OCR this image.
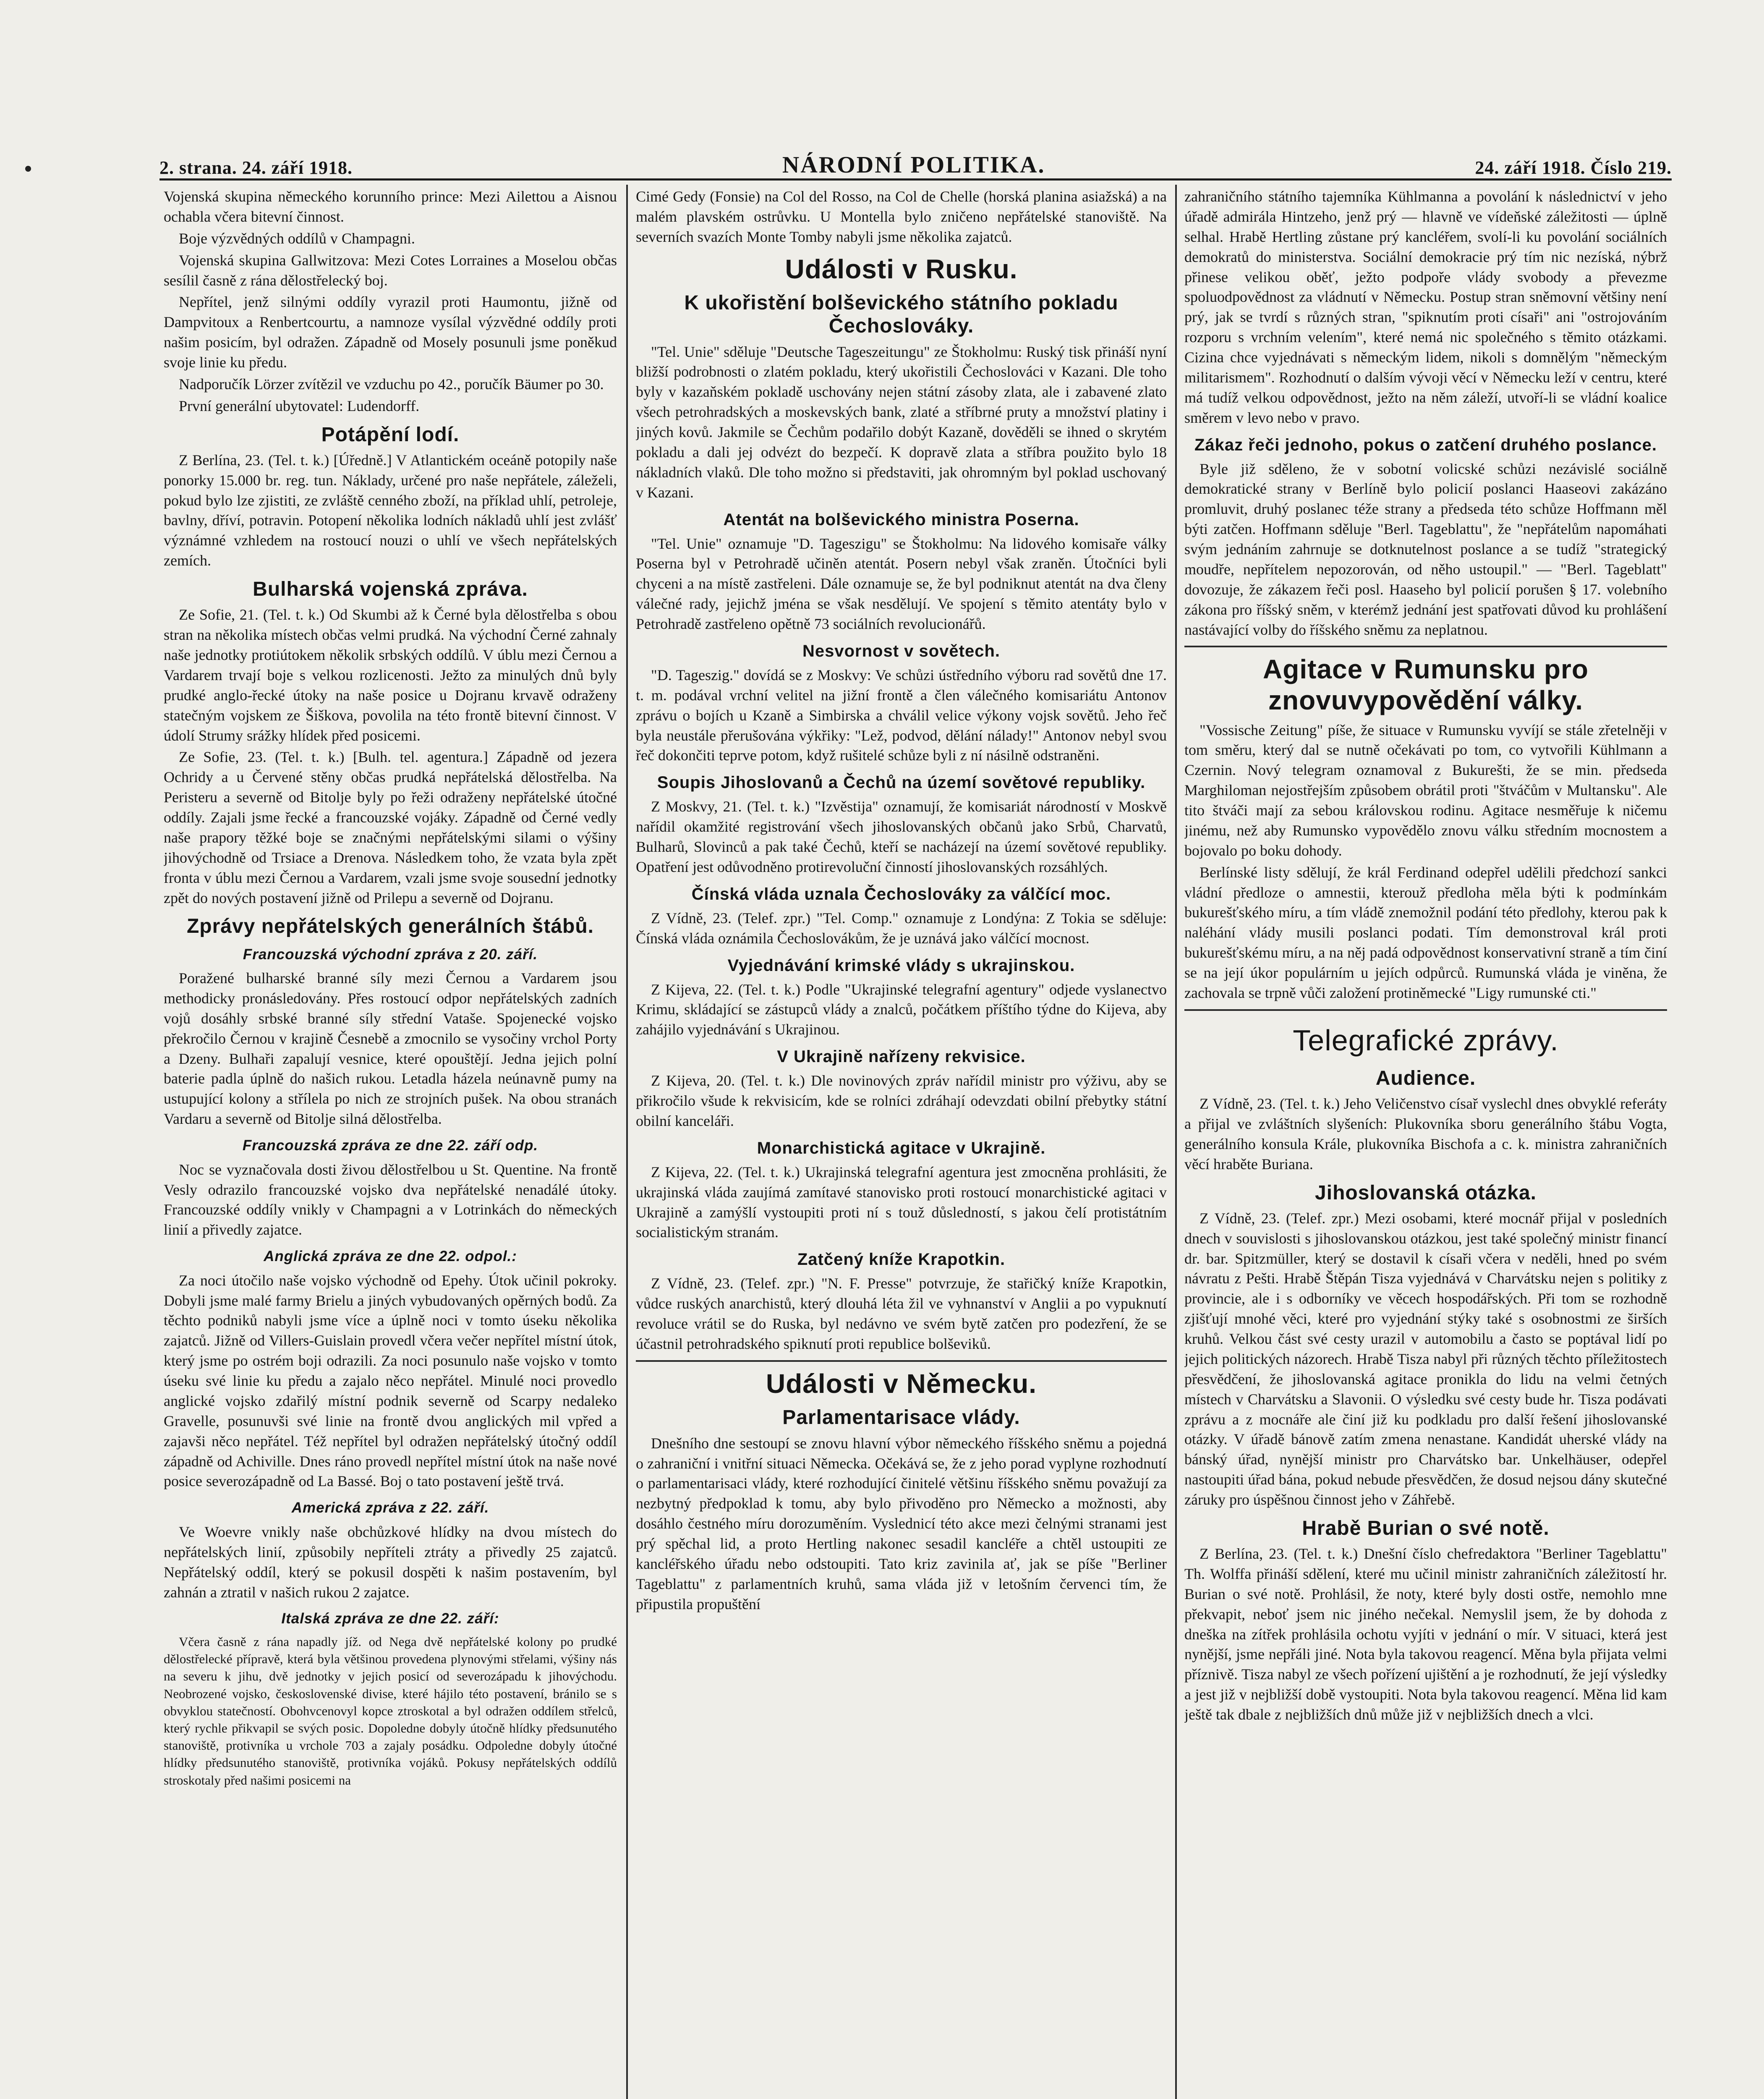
2. strana. 24. září 1918.	NÁRODNÍ POLITIKA.	24. září 1918. Číslo 219.

Vojenská skupina německého korunního prince: Mezi Ailettou a Aisnou ochabla včera bitevní činnost.

Boje výzvědných oddílů v Champagni.

Vojenská skupina Gallwitzova: Mezi Cotes Lorraines a Moselou občas sesílil časně z rána dělostřelecký boj.

Nepřítel, jenž silnými oddíly vyrazil proti Haumontu, jižně od Dampvitoux a Renbertcourtu, a namnoze vysílal výzvědné oddíly proti našim posicím, byl odražen. Západně od Mosely posunuli jsme poněkud svoje linie ku předu.

Nadporučík Lörzer zvítězil ve vzduchu po 42., poručík Bäumer po 30.

První generální ubytovatel: Ludendorff.

Potápění lodí.

Z Berlína, 23. (Tel. t. k.) [Úředně.] V Atlantickém oceáně potopily naše ponorky 15.000 br. reg. tun. Náklady, určené pro naše nepřátele, záleželi, pokud bylo lze zjistiti, ze zvláště cenného zboží, na příklad uhlí, petroleje, bavlny, dříví, potravin. Potopení několika lodních nákladů uhlí jest zvlášť význámné vzhledem na rostoucí nouzi o uhlí ve všech nepřátelských zemích.

Bulharská vojenská zpráva.

Ze Sofie, 21. (Tel. t. k.) Od Skumbi až k Černé byla dělostřelba s obou stran na několika místech občas velmi prudká. Na východní Černé zahnaly naše jednotky protiútokem několik srbských oddílů. V úblu mezi Černou a Vardarem trvají boje s velkou rozlicenosti. Ježto za minulých dnů byly prudké anglo-řecké útoky na naše posice u Dojranu krvavě odraženy statečným vojskem ze Šiškova, povolila na této frontě bitevní činnost. V údolí Strumy srážky hlídek před posicemi.

Ze Sofie, 23. (Tel. t. k.) [Bulh. tel. agentura.] Západně od jezera Ochridy a u Červené stěny občas prudká nepřátelská dělostřelba. Na Peristeru a severně od Bitolje byly po řeži odraženy nepřátelské útočné oddíly. Zajali jsme řecké a francouzské vojáky. Západně od Černé vedly naše prapory těžké boje se značnými nepřátelskými silami o výšiny jihovýchodně od Trsiace a Drenova. Následkem toho, že vzata byla zpět fronta v úblu mezi Černou a Vardarem, vzali jsme svoje sousední jednotky zpět do nových postavení jižně od Prilepu a severně od Dojranu.

Zprávy nepřátelských generálních štábů.
Francouzská východní zpráva z 20. září.

Poražené bulharské branné síly mezi Černou a Vardarem jsou methodicky pronásledovány. Přes rostoucí odpor nepřátelských zadních vojů dosáhly srbské branné síly střední Vataše. Spojenecké vojsko překročilo Černou v krajině Česnebě a zmocnilo se vysočiny vrchol Porty a Dzeny. Bulhaři zapalují vesnice, které opouštějí. Jedna jejich polní baterie padla úplně do našich rukou. Letadla házela neúnavně pumy na ustupující kolony a střílela po nich ze strojních pušek. Na obou stranách Vardaru a severně od Bitolje silná dělostřelba.

Francouzská zpráva ze dne 22. září odp.

Noc se vyznačovala dosti živou dělostřelbou u St. Quentine. Na frontě Vesly odrazilo francouzské vojsko dva nepřátelské nenadálé útoky. Francouzské oddíly vnikly v Champagni a v Lotrinkách do německých linií a přivedly zajatce.

Anglická zpráva ze dne 22. odpol.:

Za noci útočilo naše vojsko východně od Epehy. Útok učinil pokroky. Dobyli jsme malé farmy Brielu a jiných vybudovaných opěrných bodů. Za těchto podniků nabyli jsme více a úplně noci v tomto úseku několika zajatců. Jižně od Villers-Guislain provedl včera večer nepřítel místní útok, který jsme po ostrém boji odrazili. Za noci posunulo naše vojsko v tomto úseku své linie ku předu a zajalo něco nepřátel. Minulé noci provedlo anglické vojsko zdařilý místní podnik severně od Scarpy nedaleko Gravelle, posunuvši své linie na frontě dvou anglických mil vpřed a zajavši něco nepřátel. Též nepřítel byl odražen nepřátelský útočný oddíl západně od Achiville. Dnes ráno provedl nepřítel místní útok na naše nové posice severozápadně od La Bassé. Boj o tato postavení ještě trvá.

Americká zpráva z 22. září.

Ve Woevre vnikly naše obchůzkové hlídky na dvou místech do nepřátelských linií, způsobily nepříteli ztráty a přivedly 25 zajatců. Nepřátelský oddíl, který se pokusil dospěti k našim postavením, byl zahnán a ztratil v našich rukou 2 zajatce.

Italská zpráva ze dne 22. září:

Včera časně z rána napadly jíž. od Nega dvě nepřátelské kolony po prudké dělostřelecké přípravě, která byla většinou provedena plynovými střelami, výšiny nás na severu k jihu, dvě jednotky v jejich posicí od severozápadu k jihovýchodu. Neobrozené vojsko, československé divise, které hájilo této postavení, bránilo se s obvyklou statečností. Obohvcenovyl kopce ztroskotal a byl odražen oddílem střelců, který rychle přikvapil se svých posic. Dopoledne dobyly útočně hlídky předsunutého stanoviště, protivníka u vrchole 703 a zajaly posádku. Odpoledne dobyly útočné hlídky předsunutého stanoviště, protivníka vojáků. Pokusy nepřátelských oddílů stroskotaly před našimi posicemi na

Cimé Gedy (Fonsie) na Col del Rosso, na Col de Chelle (horská planina asiažská) a na malém plavském ostrůvku. U Montella bylo zničeno nepřátelské stanoviště. Na severních svazích Monte Tomby nabyli jsme několika zajatců.

Události v Rusku.
K ukořistění bolševického státního pokladu Čechoslováky.

"Tel. Unie" sděluje "Deutsche Tageszeitungu" ze Štokholmu: Ruský tisk přináší nyní bližší podrobnosti o zlatém pokladu, který ukořistili Čechoslováci v Kazani. Dle toho byly v kazaňském pokladě uschovány nejen státní zásoby zlata, ale i zabavené zlato všech petrohradských a moskevských bank, zlaté a stříbrné pruty a množství platiny i jiných kovů. Jakmile se Čechům podařilo dobýt Kazaně, dověděli se ihned o skrytém pokladu a dali jej odvézt do bezpečí. K dopravě zlata a stříbra použito bylo 18 nákladních vlaků. Dle toho možno si představiti, jak ohromným byl poklad uschovaný v Kazani.

Atentát na bolševického ministra Poserna.

"Tel. Unie" oznamuje "D. Tageszigu" se Štokholmu: Na lidového komisaře války Poserna byl v Petrohradě učiněn atentát. Posern nebyl však zraněn. Útočníci byli chyceni a na místě zastřeleni. Dále oznamuje se, že byl podniknut atentát na dva členy válečné rady, jejichž jména se však nesdělují. Ve spojení s těmito atentáty bylo v Petrohradě zastřeleno opětně 73 sociálních revolucionářů.

Nesvornost v sovětech.

"D. Tageszig." dovídá se z Moskvy: Ve schůzi ústředního výboru rad sovětů dne 17. t. m. podával vrchní velitel na jižní frontě a člen válečného komisariátu Antonov zprávu o bojích u Kzaně a Simbirska a chválil velice výkony vojsk sovětů. Jeho řeč byla neustále přerušována výkřiky: "Lež, podvod, dělání nálady!" Antonov nebyl svou řeč dokončiti teprve potom, když rušitelé schůze byli z ní násilně odstraněni.

Soupis Jihoslovanů a Čechů na území sovětové republiky.

Z Moskvy, 21. (Tel. t. k.) "Izvěstija" oznamují, že komisariát národností v Moskvě nařídil okamžité registrování všech jihoslovanských občanů jako Srbů, Charvatů, Bulharů, Slovinců a pak také Čechů, kteří se nacházejí na území sovětové republiky. Opatření jest odůvodněno protirevoluční činností jihoslovanských rozsáhlých.

Čínská vláda uznala Čechoslováky za válčící moc.

Z Vídně, 23. (Telef. zpr.) "Tel. Comp." oznamuje z Londýna: Z Tokia se sděluje: Čínská vláda oznámila Čechoslovákům, že je uznává jako válčící mocnost.

Vyjednávání krimské vlády s ukrajinskou.

Z Kijeva, 22. (Tel. t. k.) Podle "Ukrajinské telegrafní agentury" odjede vyslanectvo Krimu, skládající se zástupců vlády a znalců, počátkem příštího týdne do Kijeva, aby zahájilo vyjednávání s Ukrajinou.

V Ukrajině nařízeny rekvisice.

Z Kijeva, 20. (Tel. t. k.) Dle novinových zpráv nařídil ministr pro výživu, aby se přikročilo všude k rekvisicím, kde se rolníci zdráhají odevzdati obilní přebytky státní obilní kanceláři.

Monarchistická agitace v Ukrajině.

Z Kijeva, 22. (Tel. t. k.) Ukrajinská telegrafní agentura jest zmocněna prohlásiti, že ukrajinská vláda zaujímá zamítavé stanovisko proti rostoucí monarchistické agitaci v Ukrajině a zamýšlí vystoupiti proti ní s touž důsledností, s jakou čelí protistátním socialistickým stranám.

Zatčený kníže Krapotkin.

Z Vídně, 23. (Telef. zpr.) "N. F. Presse" potvrzuje, že stařičký kníže Krapotkin, vůdce ruských anarchistů, který dlouhá léta žil ve vyhnanství v Anglii a po vypuknutí revoluce vrátil se do Ruska, byl nedávno ve svém bytě zatčen pro podezření, že se účastnil petrohradského spiknutí proti republice bolševiků.

Události v Německu.
Parlamentarisace vlády.

Dnešního dne sestoupí se znovu hlavní výbor německého říšského sněmu a pojedná o zahraniční i vnitřní situaci Německa. Očekává se, že z jeho porad vyplyne rozhodnutí o parlamentarisaci vlády, které rozhodující činitelé většinu říšského sněmu považují za nezbytný předpoklad k tomu, aby bylo přivoděno pro Německo a možnosti, aby dosáhlo čestného míru dorozuměním. Vyslednicí této akce mezi čelnými stranami jest prý spěchal lid, a proto Hertling nakonec sesadil kancléře a chtěl ustoupiti ze kancléřského úřadu nebo odstoupiti. Tato kriz zavinila ať, jak se píše "Berliner Tageblattu" z parlamentních kruhů, sama vláda již v letošním červenci tím, že připustila propuštění

zahraničního státního tajemníka Kühlmanna a povolání k následnictví v jeho úřadě admirála Hintzeho, jenž prý — hlavně ve vídeňské záležitosti — úplně selhal. Hrabě Hertling zůstane prý kancléřem, svolí-li ku povolání sociálních demokratů do ministerstva. Sociální demokracie prý tím nic nezíská, nýbrž přinese velikou oběť, ježto podpoře vlády svobody a převezme spoluodpovědnost za vládnutí v Německu. Postup stran sněmovní většiny není prý, jak se tvrdí s různých stran, "spiknutím proti císaři" ani "ostrojováním rozporu s vrchním velením", které nemá nic společného s těmito otázkami. Cizina chce vyjednávati s německým lidem, nikoli s domnělým "německým militarismem". Rozhodnutí o dalším vývoji věcí v Německu leží v centru, které má tudíž velkou odpovědnost, ježto na něm záleží, utvoří-li se vládní koalice směrem v levo nebo v pravo.

Zákaz řeči jednoho, pokus o zatčení druhého poslance.

Byle již sděleno, že v sobotní volicské schůzi nezávislé sociálně demokratické strany v Berlíně bylo policií poslanci Haaseovi zakázáno promluvit, druhý poslanec téže strany a předseda této schůze Hoffmann měl býti zatčen. Hoffmann sděluje "Berl. Tageblattu", že "nepřátelům napomáhati svým jednáním zahrnuje se dotknutelnost poslance a se tudíž "strategický moudře, nepřítelem nepozorován, od něho ustoupil." — "Berl. Tageblatt" dovozuje, že zákazem řeči posl. Haaseho byl policií porušen § 17. volebního zákona pro říšský sněm, v kterémž jednání jest spatřovati důvod ku prohlášení nastávající volby do říšského sněmu za neplatnou.

Agitace v Rumunsku pro znovuvypovědění války.

"Vossische Zeitung" píše, že situace v Rumunsku vyvíjí se stále zřetelněji v tom směru, který dal se nutně očekávati po tom, co vytvořili Kühlmann a Czernin. Nový telegram oznamoval z Bukurešti, že se min. předseda Marghiloman nejostřejším způsobem obrátil proti "štváčům v Multansku". Ale tito štváči mají za sebou královskou rodinu. Agitace nesměřuje k ničemu jinému, než aby Rumunsko vypovědělo znovu válku středním mocnostem a bojovalo po boku dohody.

Berlínské listy sdělují, že král Ferdinand odepřel udělili předchozí sankci vládní předloze o amnestii, kterouž předloha měla býti k podmínkám bukurešťského míru, a tím vládě znemožnil podání této předlohy, kterou pak k naléhání vlády musili poslanci podati. Tím demonstroval král proti bukurešťskému míru, a na něj padá odpovědnost konservativní straně a tím činí se na její úkor populárním u jejích odpůrců. Rumunská vláda je viněna, že zachovala se trpně vůči založení protiněmecké "Ligy rumunské cti."

Telegrafické zprávy.
Audience.

Z Vídně, 23. (Tel. t. k.) Jeho Veličenstvo císař vyslechl dnes obvyklé referáty a přijal ve zvláštních slyšeních: Plukovníka sboru generálního štábu Vogta, generálního konsula Krále, plukovníka Bischofa a c. k. ministra zahraničních věcí hraběte Buriana.

Jihoslovanská otázka.

Z Vídně, 23. (Telef. zpr.) Mezi osobami, které mocnář přijal v posledních dnech v souvislosti s jihoslovanskou otázkou, jest také společný ministr financí dr. bar. Spitzmüller, který se dostavil k císaři včera v neděli, hned po svém návratu z Pešti. Hrabě Štěpán Tisza vyjednává v Charvátsku nejen s politiky z provincie, ale i s odborníky ve věcech hospodářských. Při tom se rozhodně zjišťují mnohé věci, které pro vyjednání stýky také s osobnostmi ze širších kruhů. Velkou část své cesty urazil v automobilu a často se poptával lidí po jejich politických názorech. Hrabě Tisza nabyl při různých těchto příležitostech přesvědčení, že jihoslovanská agitace pronikla do lidu na velmi četných místech v Charvátsku a Slavonii. O výsledku své cesty bude hr. Tisza podávati zprávu a z mocnáře ale činí již ku podkladu pro další řešení jihoslovanské otázky. V úřadě bánově zatím zmena nenastane. Kandidát uherské vlády na bánský úřad, nynější ministr pro Charvátsko bar. Unkelhäuser, odepřel nastoupiti úřad bána, pokud nebude přesvědčen, že dosud nejsou dány skutečné záruky pro úspěšnou činnost jeho v Záhřebě.

Hrabě Burian o své notě.

Z Berlína, 23. (Tel. t. k.) Dnešní číslo chefredaktora "Berliner Tageblattu" Th. Wolffa přináší sdělení, které mu učinil ministr zahraničních záležitostí hr. Burian o své notě. Prohlásil, že noty, které byly dosti ostře, nemohlo mne překvapit, neboť jsem nic jiného nečekal. Nemyslil jsem, že by dohoda z dneška na zítřek prohlásila ochotu vyjíti v jednání o mír. V situaci, která jest nynější, jsme nepřáli jiné. Nota byla takovou reagencí. Měna byla přijata velmi příznivě. Tisza nabyl ze všech pořízení ujištění a je rozhodnutí, že její výsledky a jest již v nejbližší době vystoupiti. Nota byla takovou reagencí. Měna lid kam ještě tak dbale z nejbližších dnů může již v nejbližších dnech a vlci.
